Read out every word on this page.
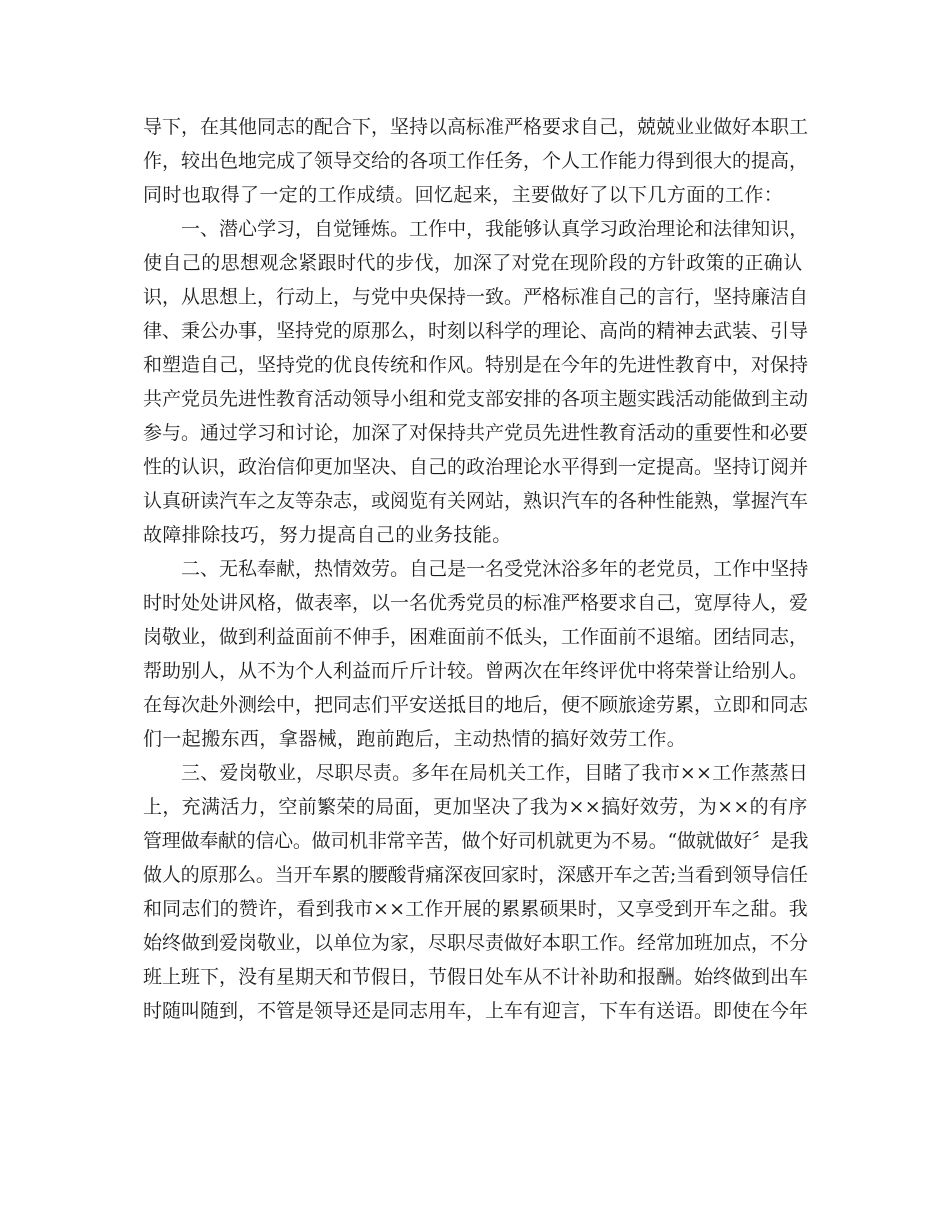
导下，在其他同志的配合下，坚持以高标准严格要求自己，兢兢业业做好本职工
作，较出色地完成了领导交给的各项工作任务，个人工作能力得到很大的提高，
同时也取得了一定的工作成绩。回忆起来，主要做好了以下几方面的工作：
一、潜心学习，自觉锤炼。工作中，我能够认真学习政治理论和法律知识，
使自己的思想观念紧跟时代的步伐，加深了对党在现阶段的方针政策的正确认
识，从思想上，行动上，与党中央保持一致。严格标准自己的言行，坚持廉洁自
律、秉公办事，坚持党的原那么，时刻以科学的理论、高尚的精神去武装、引导
和塑造自己，坚持党的优良传统和作风。特别是在今年的先进性教育中，对保持
共产党员先进性教育活动领导小组和党支部安排的各项主题实践活动能做到主动
参与。通过学习和讨论，加深了对保持共产党员先进性教育活动的重要性和必要
性的认识，政治信仰更加坚决、自己的政治理论水平得到一定提高。坚持订阅并
认真研读汽车之友等杂志，或阅览有关网站，熟识汽车的各种性能熟，掌握汽车
故障排除技巧，努力提高自己的业务技能。
二、无私奉献，热情效劳。自己是一名受党沐浴多年的老党员，工作中坚持
时时处处讲风格，做表率，以一名优秀党员的标准严格要求自己，宽厚待人，爱
岗敬业，做到利益面前不伸手，困难面前不低头，工作面前不退缩。团结同志，
帮助别人，从不为个人利益而斤斤计较。曾两次在年终评优中将荣誉让给别人。
在每次赴外测绘中，把同志们平安送抵目的地后，便不顾旅途劳累，立即和同志
们一起搬东西，拿器械，跑前跑后，主动热情的搞好效劳工作。
三、爱岗敬业，尽职尽责。多年在局机关工作，目睹了我市××工作蒸蒸日
上，充满活力，空前繁荣的局面，更加坚决了我为××搞好效劳，为××的有序
管理做奉献的信心。做司机非常辛苦，做个好司机就更为不易。“做就做好〞是我
做人的原那么。当开车累的腰酸背痛深夜回家时，深感开车之苦;当看到领导信任
和同志们的赞许，看到我市××工作开展的累累硕果时，又享受到开车之甜。我
始终做到爱岗敬业，以单位为家，尽职尽责做好本职工作。经常加班加点，不分
班上班下，没有星期天和节假日，节假日处车从不计补助和报酬。始终做到出车
时随叫随到，不管是领导还是同志用车，上车有迎言，下车有送语。即使在今年
